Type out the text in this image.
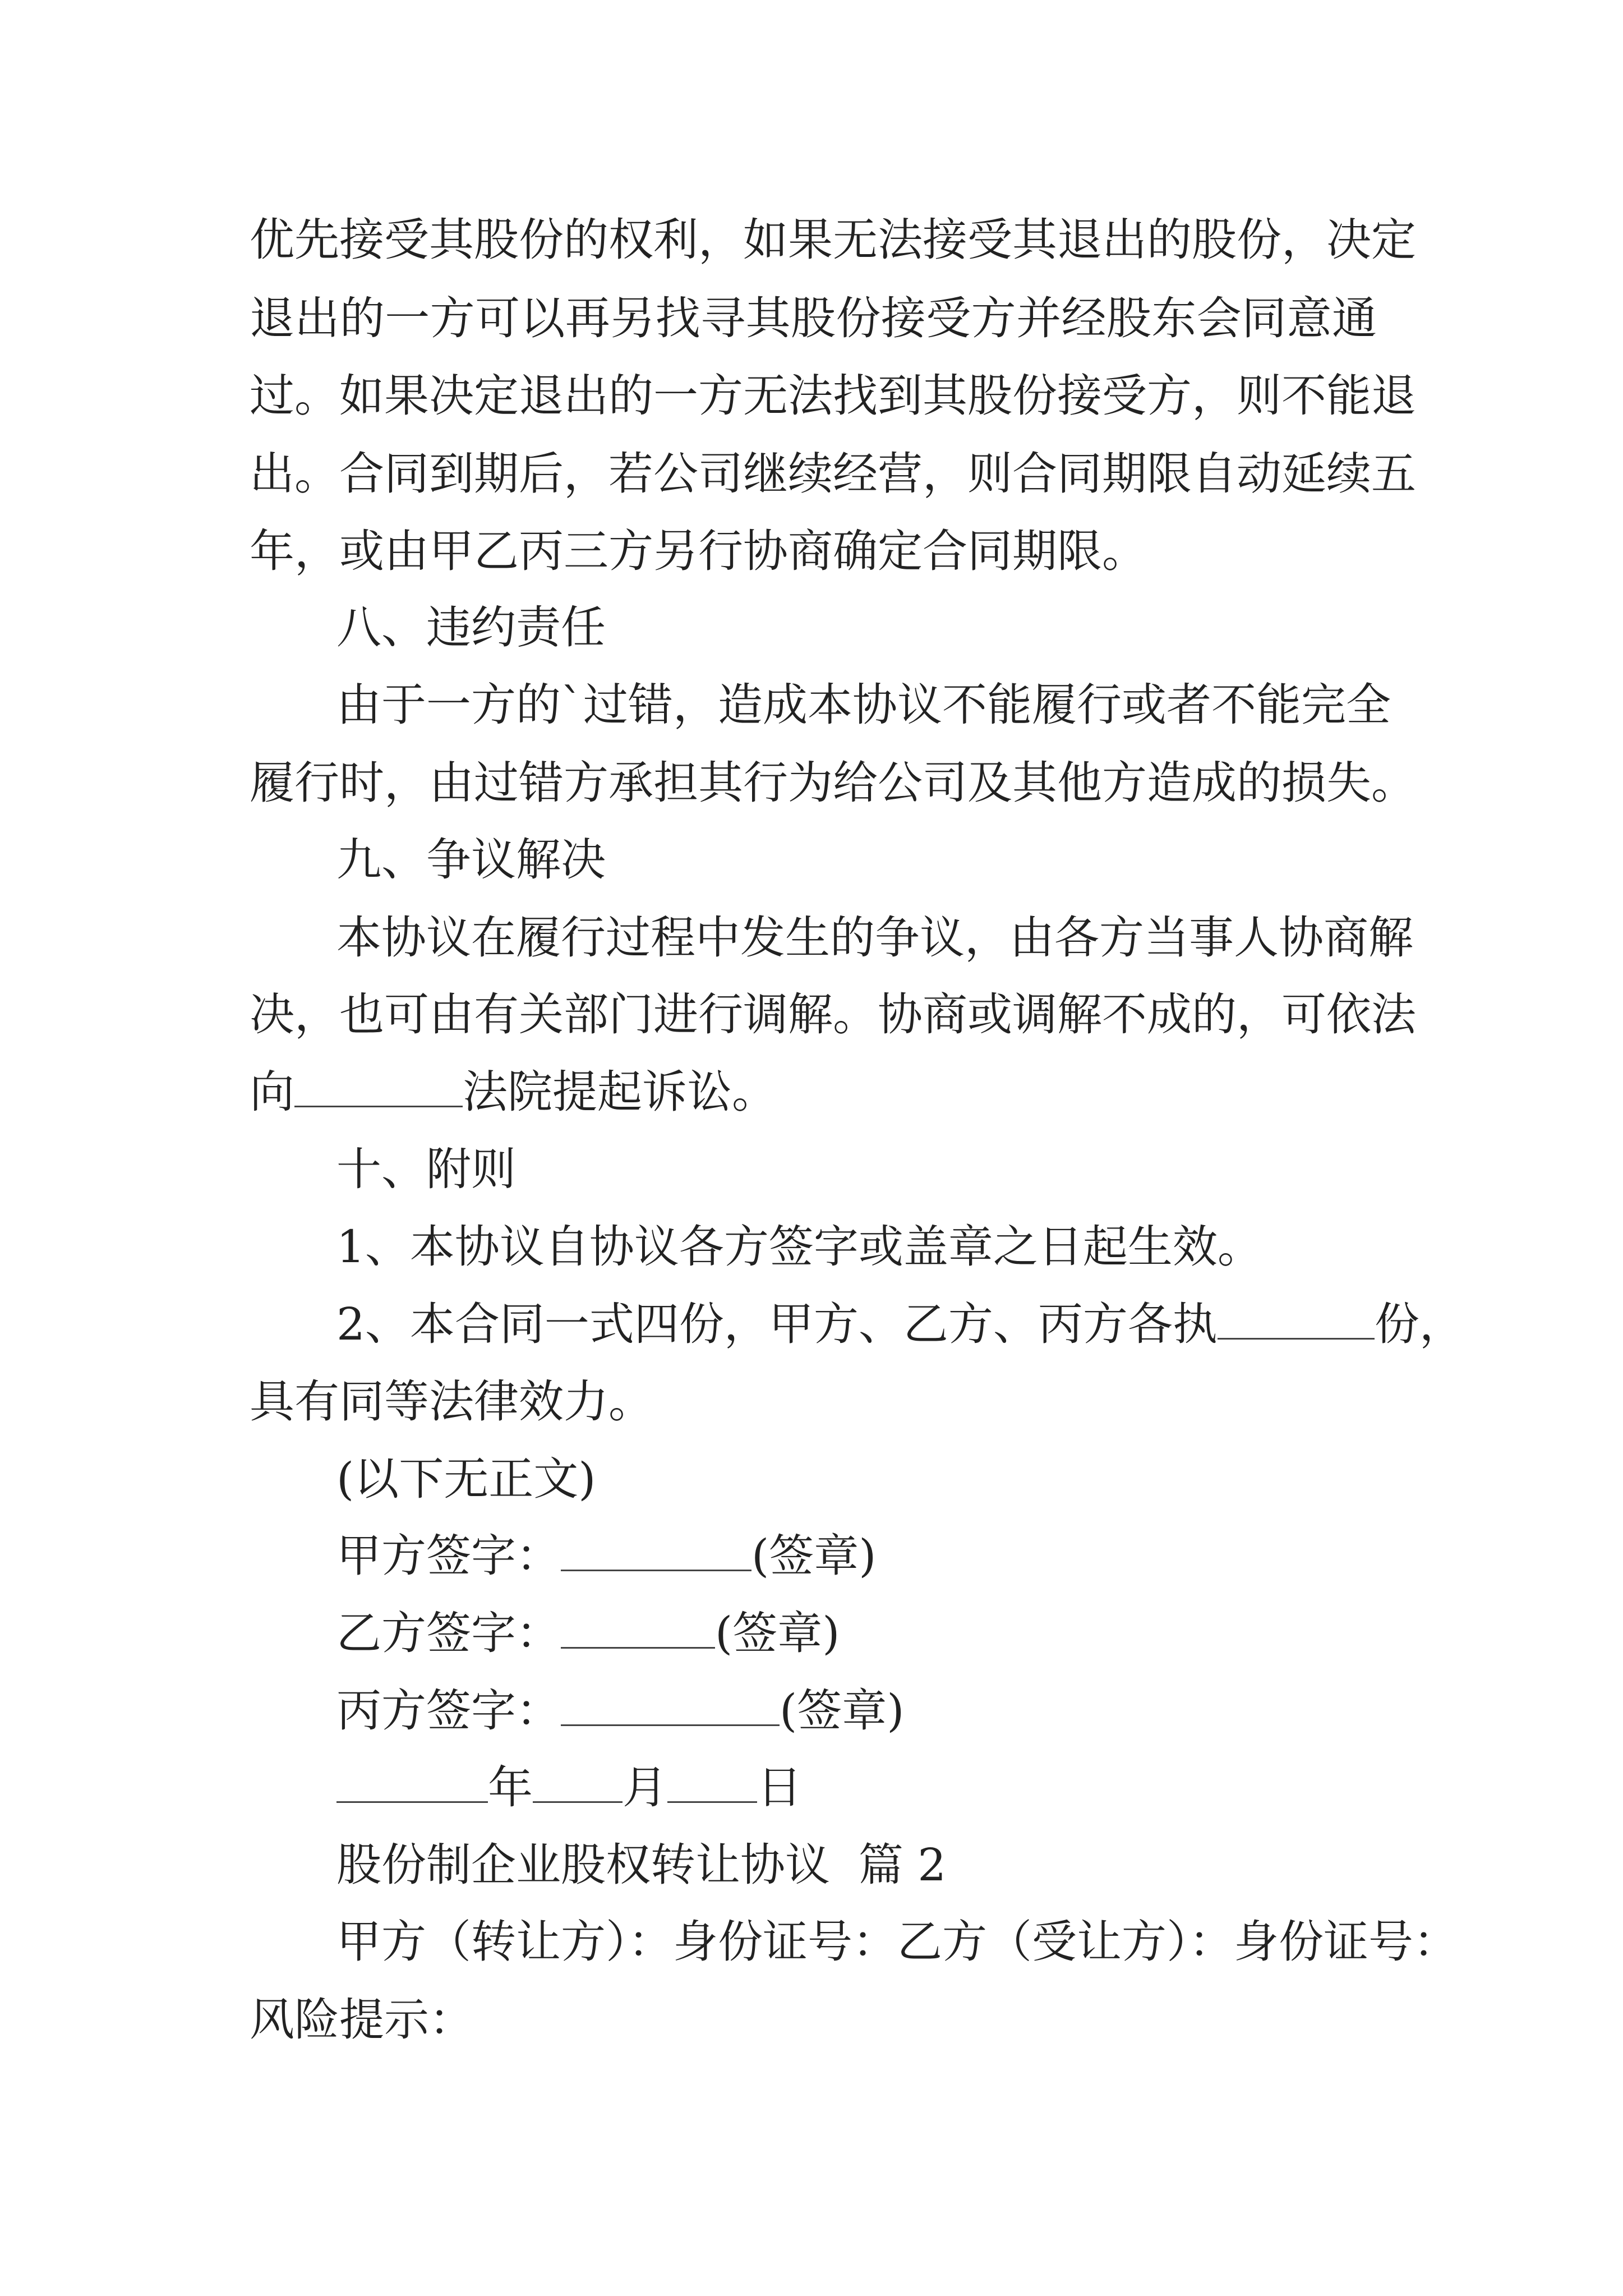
优先接受其股份的权利，如果无法接受其退出的股份，决定
退出的一方可以再另找寻其股份接受方并经股东会同意通
过。如果决定退出的一方无法找到其股份接受方，则不能退
出。合同到期后，若公司继续经营，则合同期限自动延续五
年，或由甲乙丙三方另行协商确定合同期限。
八、违约责任
由于一方的`过错，造成本协议不能履行或者不能完全
履行时，由过错方承担其行为给公司及其他方造成的损失。
九、争议解决
本协议在履行过程中发生的争议，由各方当事人协商解
决，也可由有关部门进行调解。协商或调解不成的，可依法
向	法院提起诉讼。
十、附则
1、本协议自协议各方签字或盖章之日起生效。
2、本合同一式四份，甲方、乙方、丙方各执	份，
具有同等法律效力。
(以下无正文)
甲方签字：	(签章)
乙方签字：	(签章)
丙方签字：	(签章)
年 月 日
股份制企业股权转让协议  篇 2
甲方（转让方）：身份证号：乙方（受让方）：身份证号：
风险提示：
